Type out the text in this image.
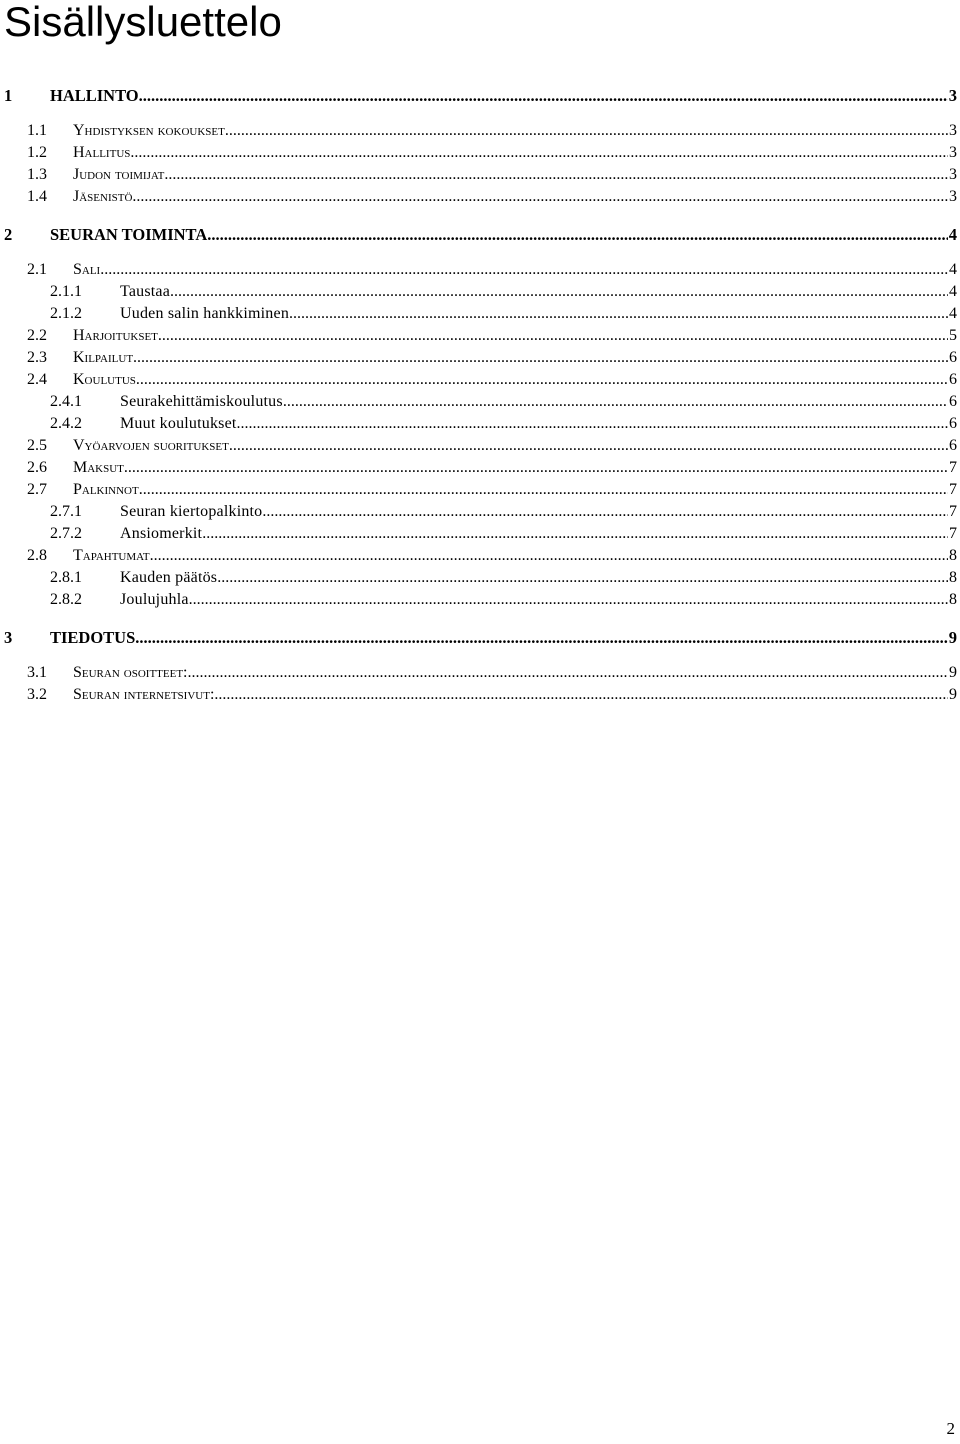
Sisällysluettelo
1 HALLINTO .....	3
1.1 Yhdistyksen kokoukset .....	3
1.2 Hallitus .....	3
1.3 Judon toimijat .....	3
1.4 Jäsenistö .....	3
2 SEURAN TOIMINTA .....	4
2.1 Sali .....	4
2.1.1 Taustaa .....	4
2.1.2 Uuden salin hankkiminen .....	4
2.2 Harjoitukset .....	5
2.3 Kilpailut .....	6
2.4 Koulutus .....	6
2.4.1 Seurakehittämiskoulutus .....	6
2.4.2 Muut koulutukset .....	6
2.5 Vyöarvojen suoritukset .....	6
2.6 Maksut .....	7
2.7 Palkinnot .....	7
2.7.1 Seuran kiertopalkinto .....	7
2.7.2 Ansiomerkit .....	7
2.8 Tapahtumat .....	8
2.8.1 Kauden päätös .....	8
2.8.2 Joulujuhla .....	8
3 TIEDOTUS .....	9
3.1 Seuran osoitteet: .....	9
3.2 Seuran internetsivut: .....	9
2
